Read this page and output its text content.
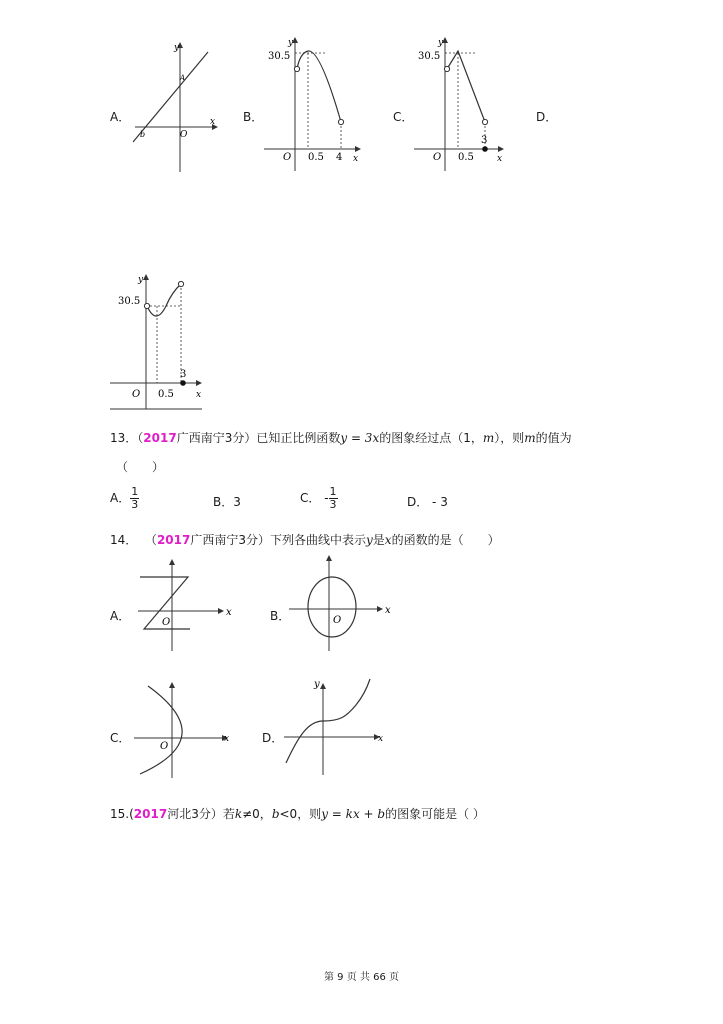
A．	B．	C．	D．
y
x
O
b
A
y
30.5
O 0.5 4 x
y
30.5
O 0.5
3
x
y
30.5
O 0.5
3
x
13．（2017广西南宁3分）已知正比例函数y = 3x的图象经过点（1，m），则m的值为
（　　）
A． $\frac{1}{3}$	B．3	C． - $\frac{1}{3}$	D． - 3
14． （2017广西南宁3分）下列各曲线中表示y是x的函数的是（　　）
A．	B．
C．	D．
x
O
x
O
x
O
y
x
15.(2017河北3分）若k≠0，b<0，则y = kx + b的图象可能是（ ）
第 9 页 共 66 页
